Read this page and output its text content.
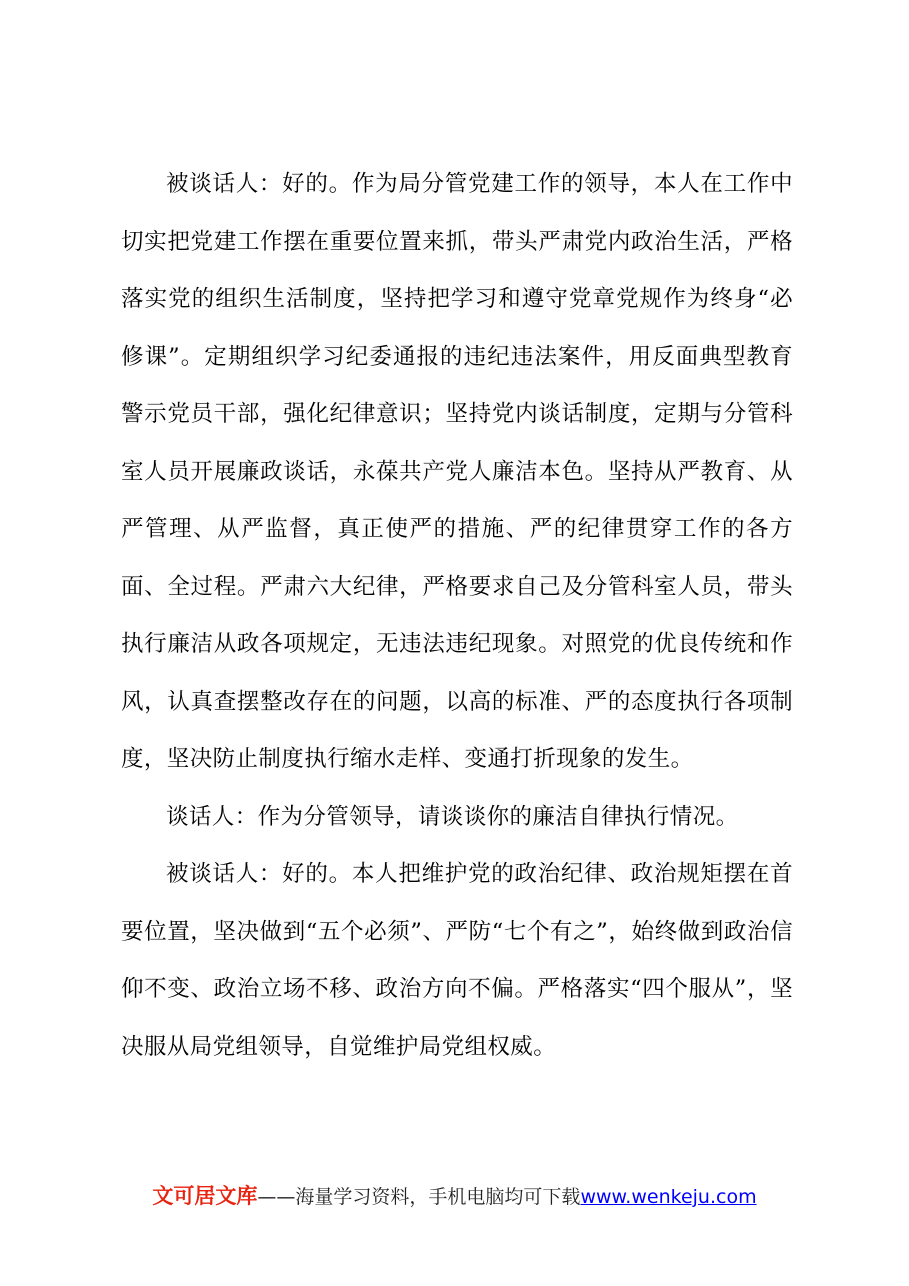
被谈话人：好的。作为局分管党建工作的领导，本人在工作中切实把党建工作摆在重要位置来抓，带头严肃党内政治生活，严格落实党的组织生活制度，坚持把学习和遵守党章党规作为终身“必修课”。定期组织学习纪委通报的违纪违法案件，用反面典型教育警示党员干部，强化纪律意识；坚持党内谈话制度，定期与分管科室人员开展廉政谈话，永葆共产党人廉洁本色。坚持从严教育、从严管理、从严监督，真正使严的措施、严的纪律贯穿工作的各方面、全过程。严肃六大纪律，严格要求自己及分管科室人员，带头执行廉洁从政各项规定，无违法违纪现象。对照党的优良传统和作风，认真查摆整改存在的问题，以高的标准、严的态度执行各项制度，坚决防止制度执行缩水走样、变通打折现象的发生。

谈话人：作为分管领导，请谈谈你的廉洁自律执行情况。

被谈话人：好的。本人把维护党的政治纪律、政治规矩摆在首要位置，坚决做到“五个必须”、严防“七个有之”，始终做到政治信仰不变、政治立场不移、政治方向不偏。严格落实“四个服从”，坚决服从局党组领导，自觉维护局党组权威。

文可居文库——海量学习资料，手机电脑均可下载www.wenkeju.com
